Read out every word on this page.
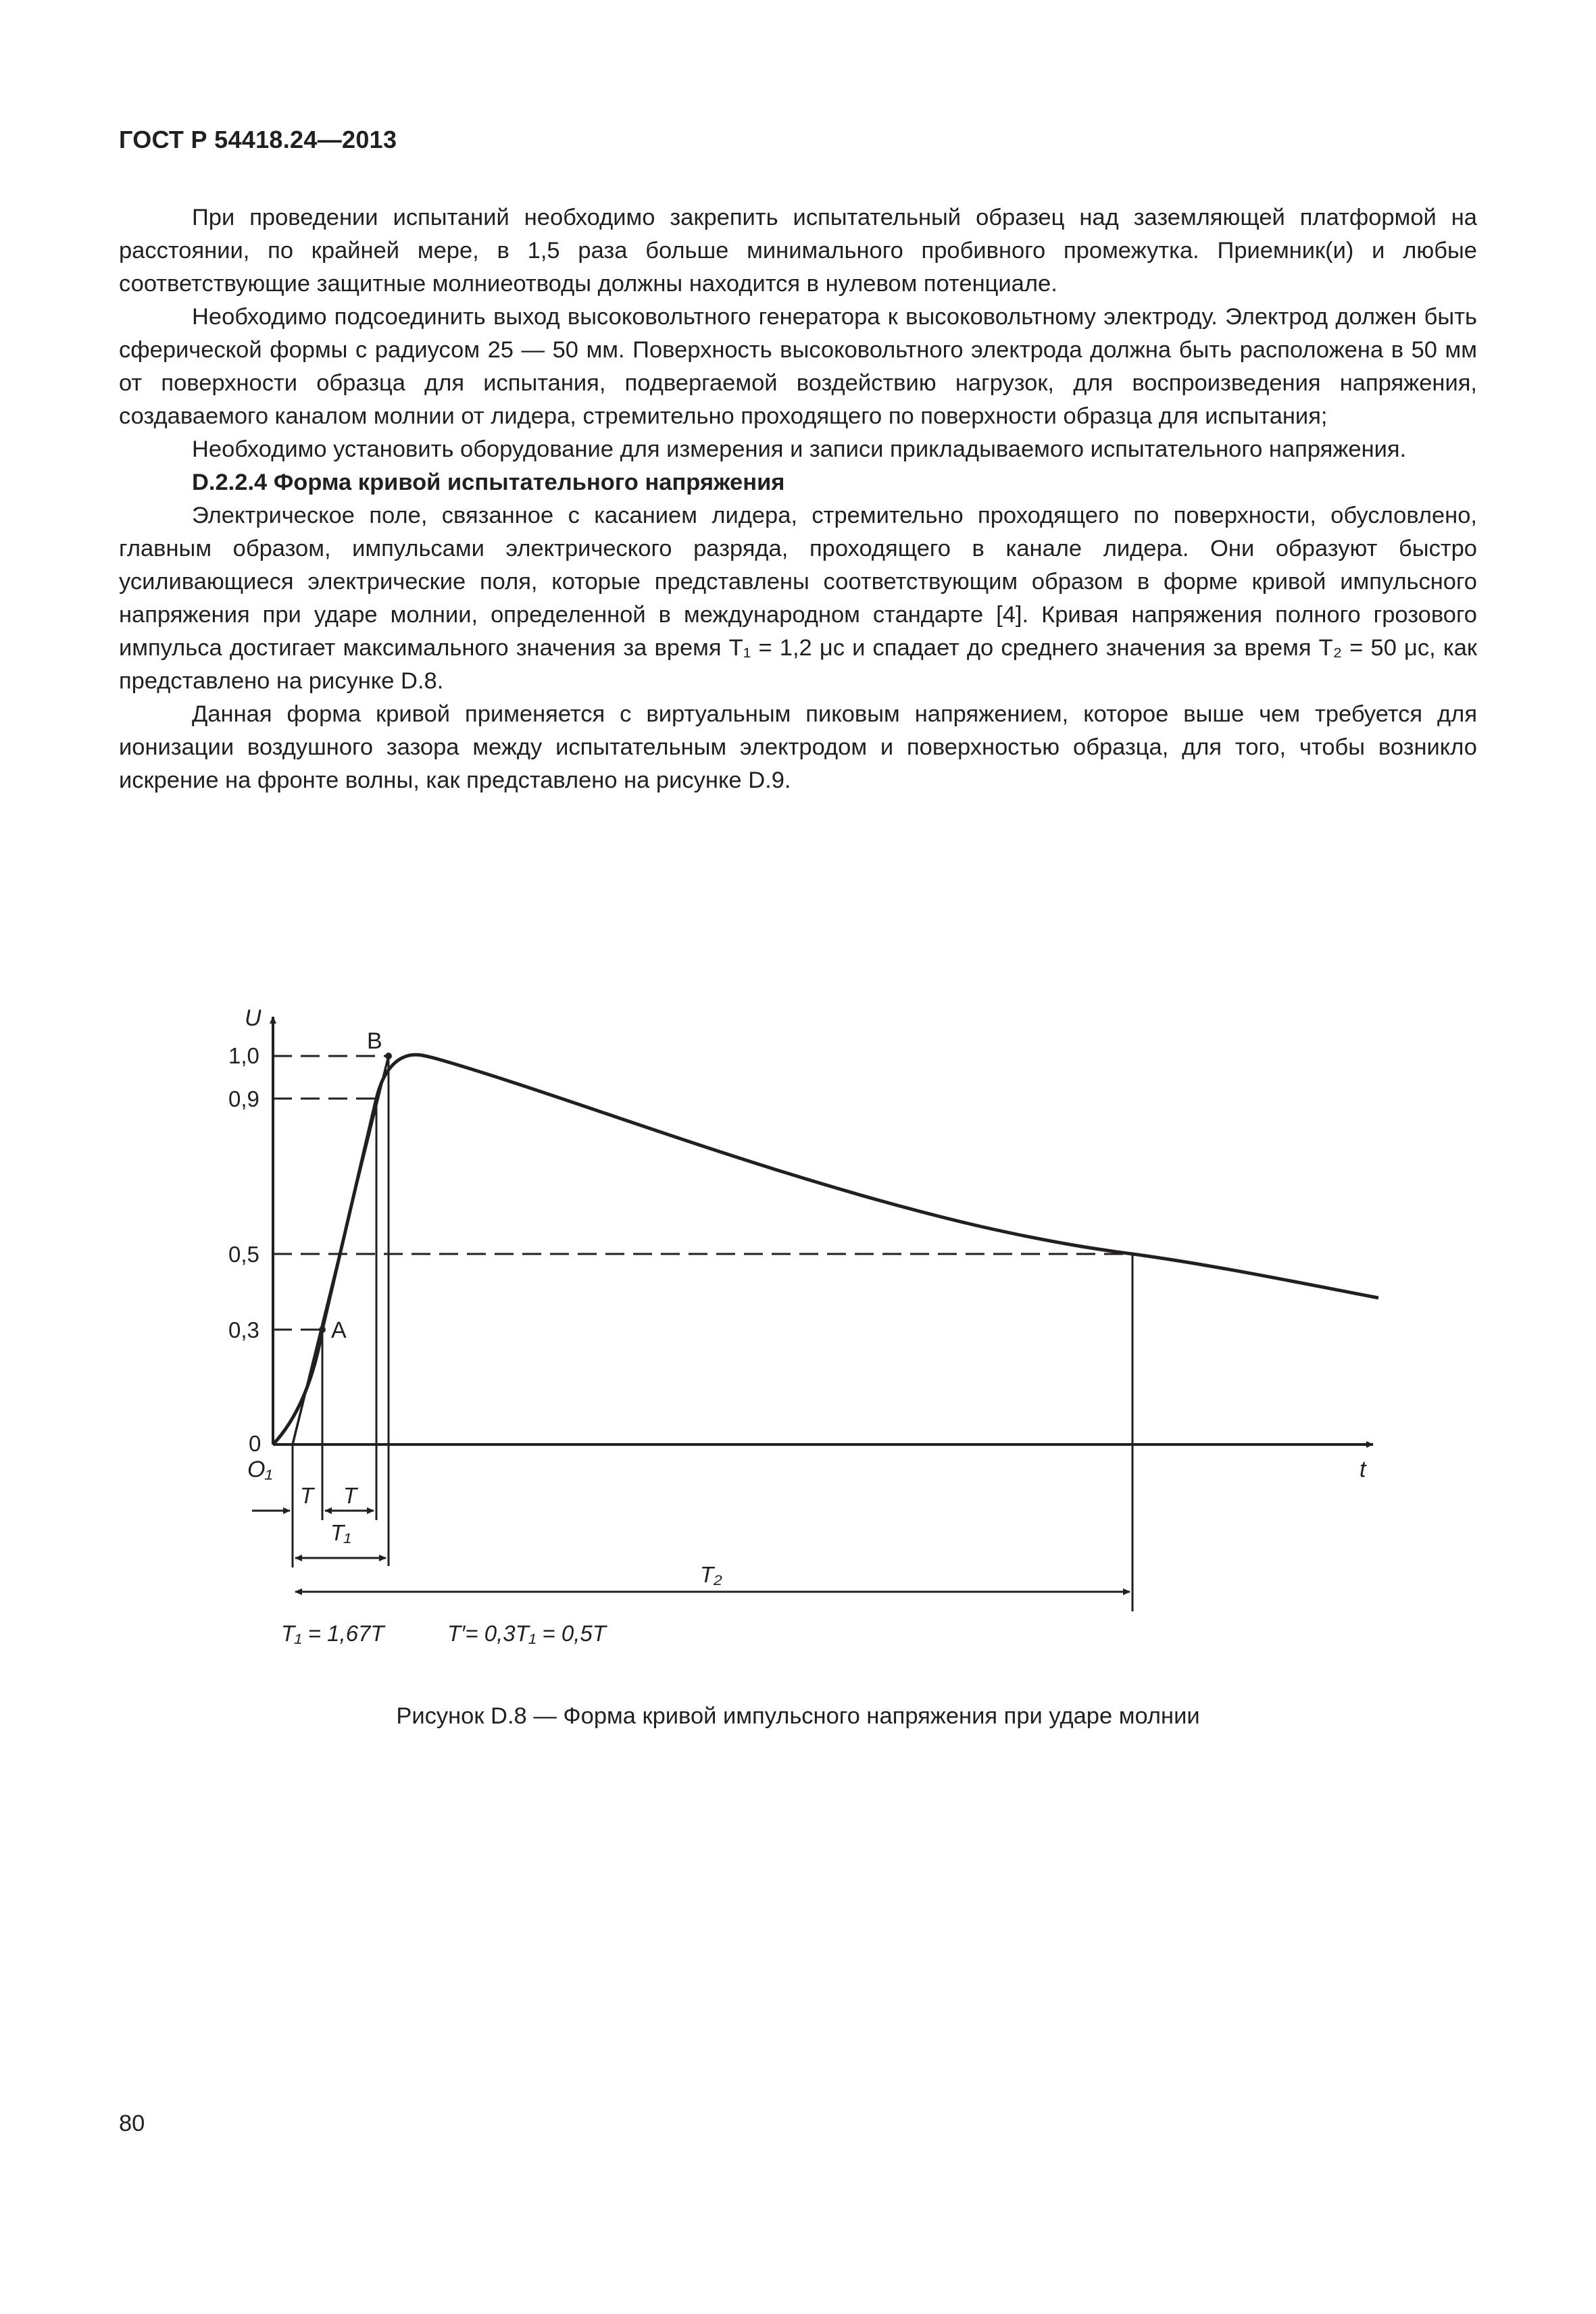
ГОСТ Р 54418.24—2013

При проведении испытаний необходимо закрепить испытательный образец над заземляющей платформой на расстоянии, по крайней мере, в 1,5 раза больше минимального пробивного промежутка. Приемник(и) и любые соответствующие защитные молниеотводы должны находится в нулевом потенциале.

Необходимо подсоединить выход высоковольтного генератора к высоковольтному электроду. Электрод должен быть сферической формы с радиусом 25 — 50 мм. Поверхность высоковольтного электрода должна быть расположена в 50 мм от поверхности образца для испытания, подвергаемой воздействию нагрузок, для воспроизведения напряжения, создаваемого каналом молнии от лидера, стремительно проходящего по поверхности образца для испытания;

Необходимо установить оборудование для измерения и записи прикладываемого испытательного напряжения.

D.2.2.4 Форма кривой испытательного напряжения

Электрическое поле, связанное с касанием лидера, стремительно проходящего по поверхности, обусловлено, главным образом, импульсами электрического разряда, проходящего в канале лидера. Они образуют быстро усиливающиеся электрические поля, которые представлены соответствующим образом в форме кривой импульсного напряжения при ударе молнии, определенной в международном стандарте [4]. Кривая напряжения полного грозового импульса достигает максимального значения за время T₁ = 1,2 μс и спадает до среднего значения за время T₂ = 50 μс, как представлено на рисунке D.8.

Данная форма кривой применяется с виртуальным пиковым напряжением, которое выше чем требуется для ионизации воздушного зазора между испытательным электродом и поверхностью образца, для того, чтобы возникло искрение на фронте волны, как представлено на рисунке D.9.

U
t
1,0
0,9
0,5
0,3
0
O₁
A
B
T T
T₁
T₂
T₁ = 1,67T	T′= 0,3T₁ = 0,5T
Рисунок D.8 — Форма кривой импульсного напряжения при ударе молнии
80
